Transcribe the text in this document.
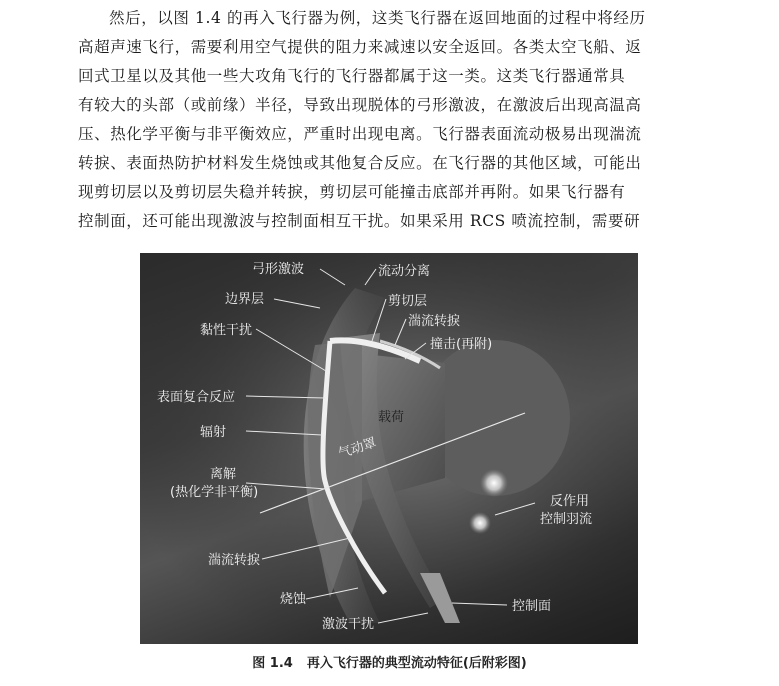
然后，以图 1.4 的再入飞行器为例，这类飞行器在返回地面的过程中将经历
高超声速飞行，需要利用空气提供的阻力来减速以安全返回。各类太空飞船、返
回式卫星以及其他一些大攻角飞行的飞行器都属于这一类。这类飞行器通常具
有较大的头部（或前缘）半径，导致出现脱体的弓形激波，在激波后出现高温高
压、热化学平衡与非平衡效应，严重时出现电离。飞行器表面流动极易出现湍流
转捩、表面热防护材料发生烧蚀或其他复合反应。在飞行器的其他区域，可能出
现剪切层以及剪切层失稳并转捩，剪切层可能撞击底部并再附。如果飞行器有
控制面，还可能出现激波与控制面相互干扰。如果采用 RCS 喷流控制，需要研
弓形激波	流动分离
边界层	剪切层
湍流转捩
黏性干扰
撞击(再附)
表面复合反应
载荷
辐射
气动罩
离解
(热化学非平衡)
反作用
控制羽流
湍流转捩
烧蚀	控制面
激波干扰
图 1.4 再入飞行器的典型流动特征(后附彩图)
